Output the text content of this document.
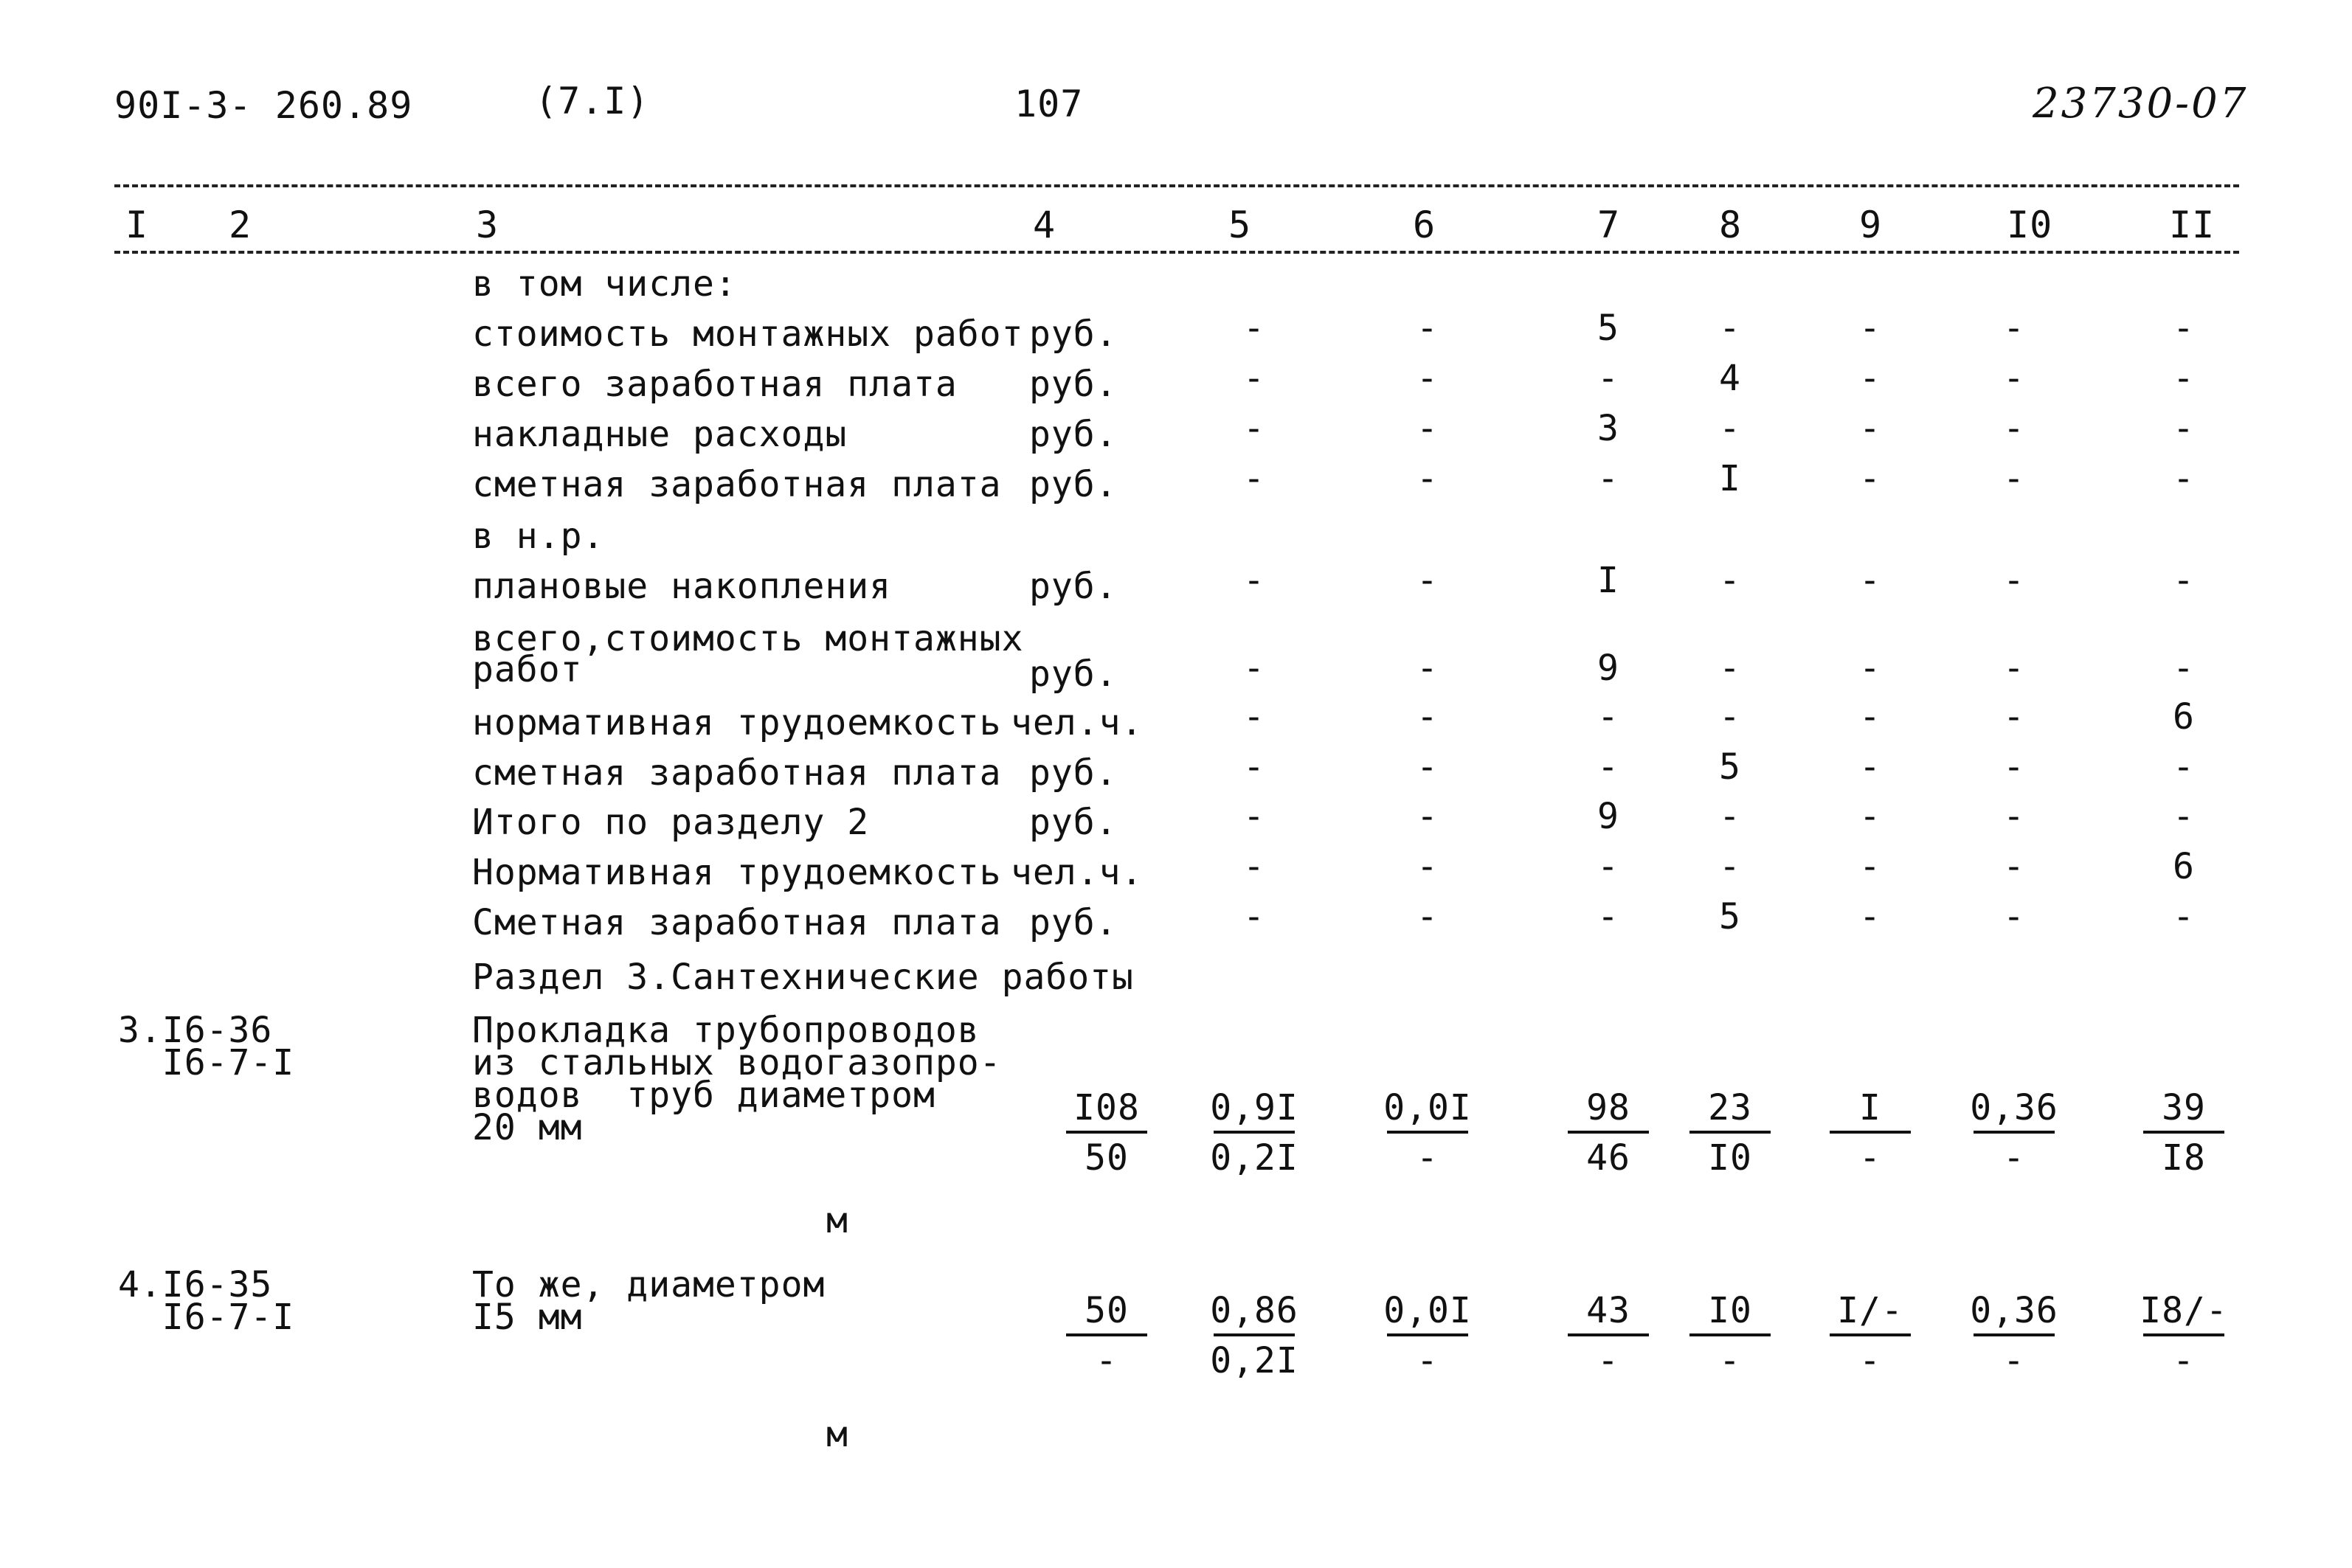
90I-3- 260.89	(7.I)	107	23730-07
I 2	3	4	5	6	7	8	9	I0	II
в том числе:
стоимость монтажных работ руб.	-	-	5	-	-	-	-
всего заработная плата руб.	-	-	-	4	-	-	-
накладные расходы	руб.	-	-	3	-	-	-	-
сметная заработная плата руб.	-	-	-	I	-	-	-
в н.р.
плановые накопления	руб.	-	-	I	-	-	-	-
всего,стоимость монтажных
работ	руб.	-	-	9	-	-	-	-
нормативная трудоемкость чел.ч.	-	-	-	-	-	-	6
сметная заработная плата руб.	-	-	-	5	-	-	-
Итого по разделу 2	руб.	-	-	9	-	-	-	-
Нормативная трудоемкость чел.ч.	-	-	-	-	-	-	6
Сметная заработная плата руб.	-	-	-	5	-	-	-
Раздел 3.Сантехнические работы
3.I6-36
I6-7-I
Прокладка трубопроводов
из стальных водогазопро-
водов  труб диаметром
20 мм	I08	0,9I	0,0I	98	23	I	0,36	39
50	0,2I	-	46	I0	-	-	I8
м
4.I6-35
I6-7-I
То же, диаметром
I5 мм	50	0,86	0,0I	43	I0	I/-	0,36	I8/-
-	0,2I	-	-	-	-	-	-
м
